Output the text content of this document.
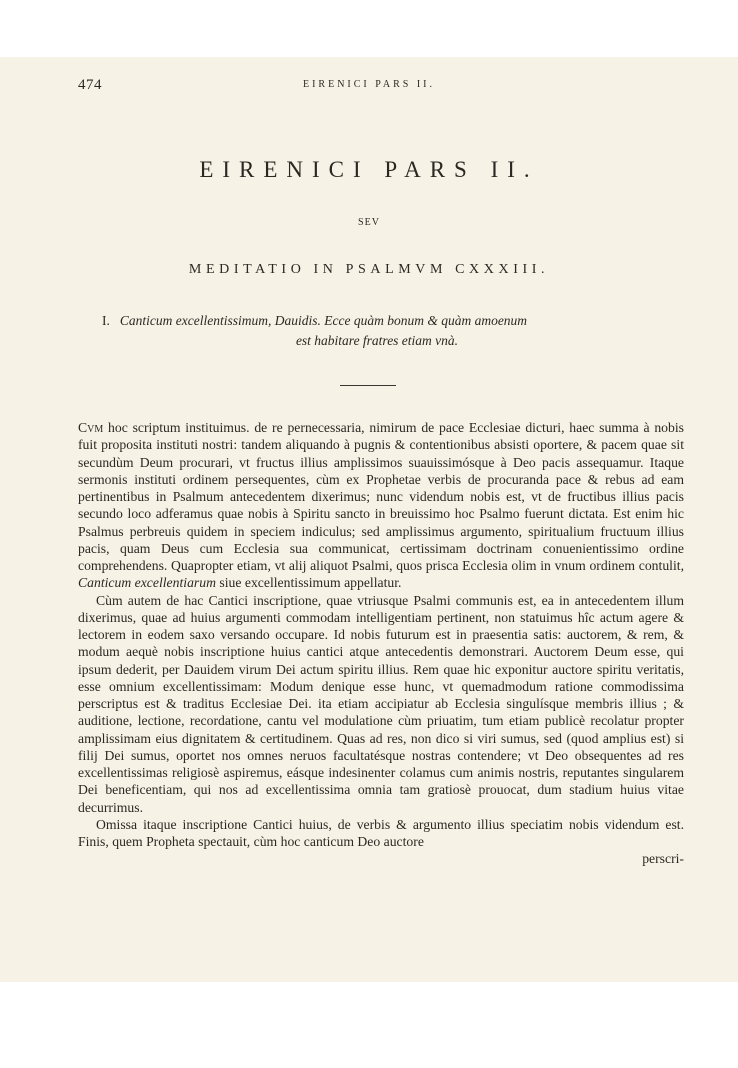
474	EIRENICI PARS II.
EIRENICI PARS II.
SEV
MEDITATIO IN PSALMVM CXXXIII.
I. Canticum excellentissimum, Dauidis. Ecce quàm bonum & quàm amoenum
est habitare fratres etiam vnà.

Cvm hoc scriptum instituimus. de re pernecessaria, nimirum de pace Ecclesiae dicturi, haec summa à nobis fuit proposita instituti nostri: tandem aliquando à pugnis & contentionibus absisti oportere, & pacem quae sit secundùm Deum procurari, vt fructus illius amplissimos suauissimósque à Deo pacis assequamur. Itaque sermonis instituti ordinem persequentes, cùm ex Prophetae verbis de procuranda pace & rebus ad eam pertinentibus in Psalmum antecedentem dixerimus; nunc videndum nobis est, vt de fructibus illius pacis secundo loco adferamus quae nobis à Spiritu sancto in breuissimo hoc Psalmo fuerunt dictata. Est enim hic Psalmus perbreuis quidem in speciem indiculus; sed amplissimus argumento, spiritualium fructuum illius pacis, quam Deus cum Ecclesia sua communicat, certissimam doctrinam conuenientissimo ordine comprehendens. Quapropter etiam, vt alij aliquot Psalmi, quos prisca Ecclesia olim in vnum ordinem contulit, Canticum excellentiarum siue excellentissimum appellatur.

Cùm autem de hac Cantici inscriptione, quae vtriusque Psalmi communis est, ea in antecedentem illum dixerimus, quae ad huius argumenti commodam intelligentiam pertinent, non statuimus hîc actum agere & lectorem in eodem saxo versando occupare. Id nobis futurum est in praesentia satis: auctorem, & rem, & modum aequè nobis inscriptione huius cantici atque antecedentis demonstrari. Auctorem Deum esse, qui ipsum dederit, per Dauidem virum Dei actum spiritu illius. Rem quae hic exponitur auctore spiritu veritatis, esse omnium excellentissimam: Modum denique esse hunc, vt quemadmodum ratione commodissima perscriptus est & traditus Ecclesiae Dei. ita etiam accipiatur ab Ecclesia singulísque membris illius ; & auditione, lectione, recordatione, cantu vel modulatione cùm priuatim, tum etiam publicè recolatur propter amplissimam eius dignitatem & certitudinem. Quas ad res, non dico si viri sumus, sed (quod amplius est) si filij Dei sumus, oportet nos omnes neruos facultatésque nostras contendere; vt Deo obsequentes ad res excellentissimas religiosè aspiremus, eásque indesinenter colamus cum animis nostris, reputantes singularem Dei beneficentiam, qui nos ad excellentissima omnia tam gratiosè prouocat, dum stadium huius vitae decurrimus.

Omissa itaque inscriptione Cantici huius, de verbis & argumento illius speciatim nobis videndum est. Finis, quem Propheta spectauit, cùm hoc canticum Deo auctore

perscri-
